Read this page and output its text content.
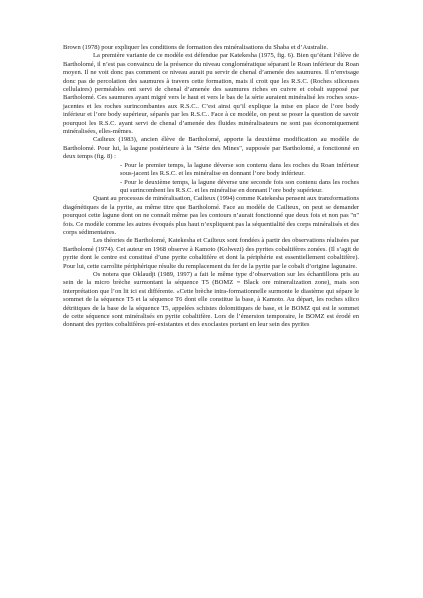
Brown (1978) pour expliquer les conditions de formation des minéralisations du Shaba et d’Australie.

La première variante de ce modèle est défendue par Katekesha (1975, fig. 6). Bien qu’étant l’élève de Bartholomé, il n’est pas convaincu de la présence du niveau conglomératique séparant le Roan inférieur du Roan moyen. Il ne voit donc pas comment ce niveau aurait pu servir de chenal d’amenée des saumures. Il n’envisage donc pas de percolation des saumures à travers cette formation, mais il croit que les R.S.C. (Roches siliceuses cellulaires) perméables ont servi de chenal d’amenée des saumures riches en cuivre et cobalt supposé par Bartholomé. Ces saumures ayant migré vers le haut et vers le bas de la série auraient minéralisé les roches sous-jacentes et les roches surincombantes aux R.S.C.. C’est ainsi qu’il explique la mise en place de l’ore body inférieur et l’ore body supérieur, séparés par les R.S.C.. Face à ce modèle, on peut se poser la question de savoir pourquoi les R.S.C. ayant servi de chenal d’amenée des fluides minéralisateurs ne sont pas économiquement minéralisées, elles-mêmes.

Cailteux (1983), ancien élève de Bartholomé, apporte la deuxième modification au modèle de Bartholomé. Pour lui, la lagune postérieure à la "Série des Mines", supposée par Bartholomé, a fonctionné en deux temps (fig. 8) :

- Pour le premier temps, la lagune déverse son contenu dans les roches du Roan inférieur sous-jacent les R.S.C. et les minéralise en donnant l’ore body inférieur.

- Pour le deuxième temps, la lagune déverse une seconde fois son contenu dans les roches qui surincombent les R.S.C. et les minéralise en donnant l’ore body supérieur.

Quant au processus de minéralisation, Cailteux (1994) comme Katekesha pensent aux transformations diagénétiques de la pyrite, au même titre que Bartholomé. Face au modèle de Cailteux, on peut se demander pourquoi cette lagune dont on ne connaît même pas les contours n’aurait fonctionné que deux fois et non pas "n" fois. Ce modèle comme les autres évoqués plus haut n’expliquent pas la séquentialité des corps minéralisés et des corps sédimentaires.

Les théories de Bartholomé, Katekesha et Cailteux sont fondées à partir des observations réalisées par Bartholomé (1974). Cet auteur en 1968 observe à Kamoto (Kolwezi) des pyrites cobaltifères zonées. (Il s’agit de pyrite dont le centre est constitué d’une pyrite cobaltifère et dont la périphérie est essentiellement cobaltifère). Pour lui, cette carrolite périphérique résulte du remplacement du fer de la pyrite par le cobalt d’origine lagunaire.

Os notera que Oklaudji (1989, 1997) a fait le même type d’observation sur les échantillons pris au sein de la micro brèche surmontant la séquence T5 (BOMZ = Black ore mineralization zone), mais son interprétation que l’on lit ici est différente. «Cette brèche intra-formationnelle surmonte le diastème qui sépare le sommet de la séquence T5 et la séquence T6 dont elle constitue la base, à Kamoto. Au départ, les roches silico détritiques de la base de la séquence T5, appelées schistes dolomitiques de base, et le BOMZ qui est le sommet de cette séquence sont minéralisés en pyrite cobaltifère. Lors de l’émersion temporaire, le BOMZ est érodé en donnant des pyrites cobaltifères pré-existantes et des exoclastes portant en leur sein des pyrites
